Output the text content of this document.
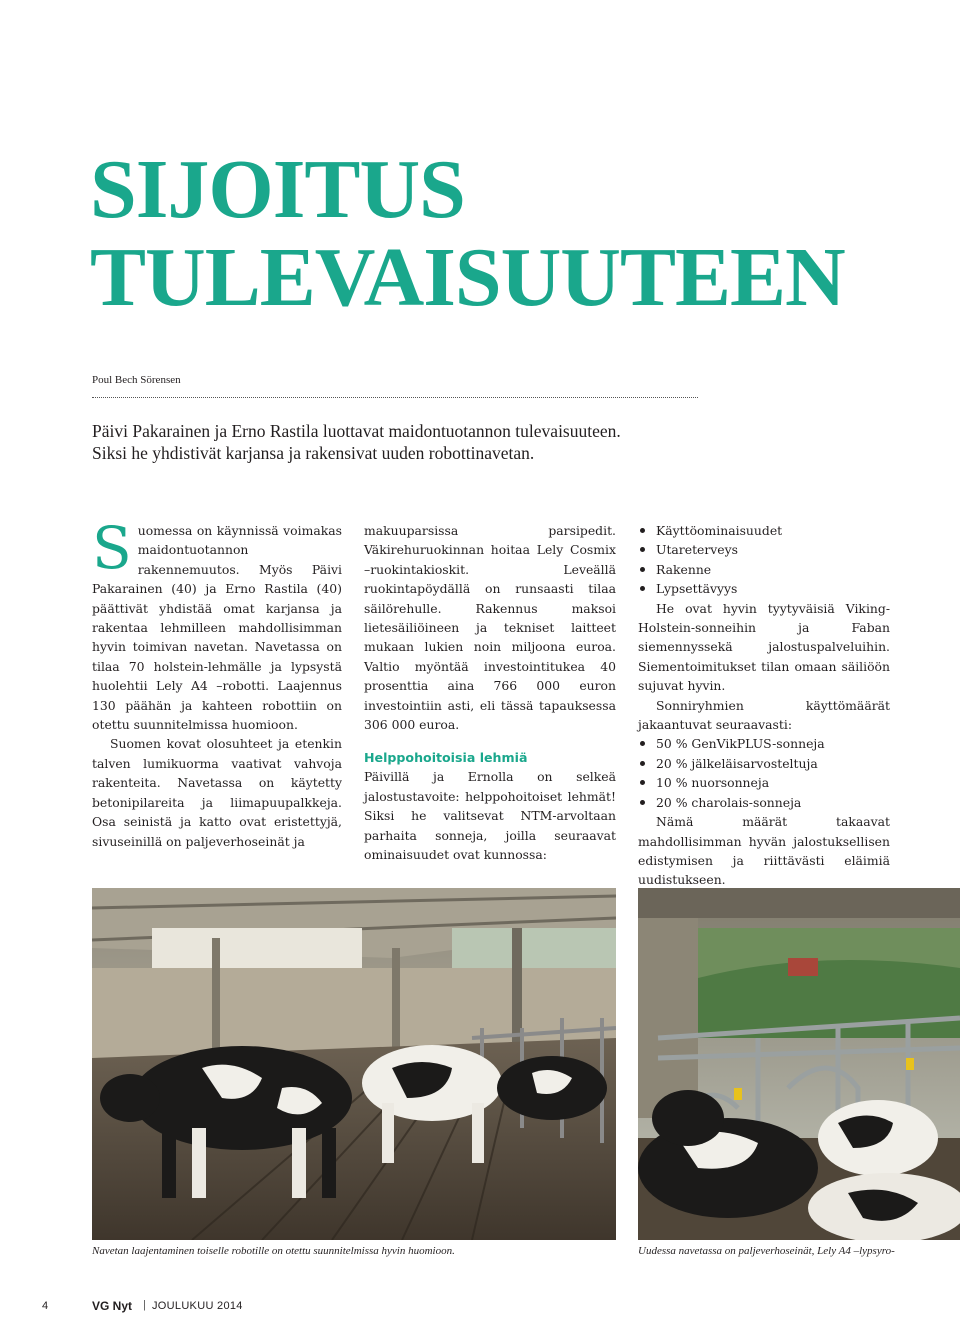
SIJOITUS
TULEVAISUUTEEN
Poul Bech Sörensen

Päivi Pakarainen ja Erno Rastila luottavat maidontuotannon tulevaisuuteen.

Siksi he yhdistivät karjansa ja rakensivat uuden robottinavetan.

Suomessa on käynnissä voimakas maidontuotannon rakennemuutos. Myös Päivi Pakarainen (40) ja Erno Rastila (40) päättivät yhdistää omat karjansa ja rakentaa lehmilleen mahdollisimman hyvin toimivan navetan. Navetassa on tilaa 70 holstein-lehmälle ja lypsystä huolehtii Lely A4 –robotti. Laajennus 130 päähän ja kahteen robottiin on otettu suunnitelmissa huomioon.

Suomen kovat olosuhteet ja etenkin talven lumikuorma vaativat vahvoja rakenteita. Navetassa on käytetty betonipilareita ja liimapuupalkkeja. Osa seinistä ja katto ovat eristettyjä, sivuseinillä on paljeverhoseinät ja

makuuparsissa parsipedit. Väkirehuruokinnan hoitaa Lely Cosmix –ruokintakioskit. Leveällä ruokintapöydällä on runsaasti tilaa säilörehulle. Rakennus maksoi lietesäiliöineen ja tekniset laitteet mukaan lukien noin miljoona euroa. Valtio myöntää investointitukea 40 prosenttia aina 766 000 euron investointiin asti, eli tässä tapauksessa 306 000 euroa.

Helppohoitoisia lehmiä

Päivillä ja Ernolla on selkeä jalostustavoite: helppohoitoiset lehmät! Siksi he valitsevat NTM-arvoltaan parhaita sonneja, joilla seuraavat ominaisuudet ovat kunnossa:

Käyttöominaisuudet
Utareterveys
Rakenne
Lypsettävyys

He ovat hyvin tyytyväisiä Viking-Holstein-sonneihin ja Faban siemennyssekä jalostuspalveluihin. Siementoimitukset tilan omaan säiliöön sujuvat hyvin.

Sonniryhmien käyttömäärät jakaantuvat seuraavasti:

50 % GenVikPLUS-sonneja
20 % jälkeläisarvosteltuja
10 % nuorsonneja
20 % charolais-sonneja

Nämä määrät takaavat mahdollisimman hyvän jalostuksellisen edistymisen ja riittävästi eläimiä uudistukseen.

Navetan laajentaminen toiselle robotille on otettu suunnitelmissa hyvin huomioon.	Uudessa navetassa on paljeverhoseinät, Lely A4 –lypsyro-
4	VG Nyt | JOULUKUU 2014
